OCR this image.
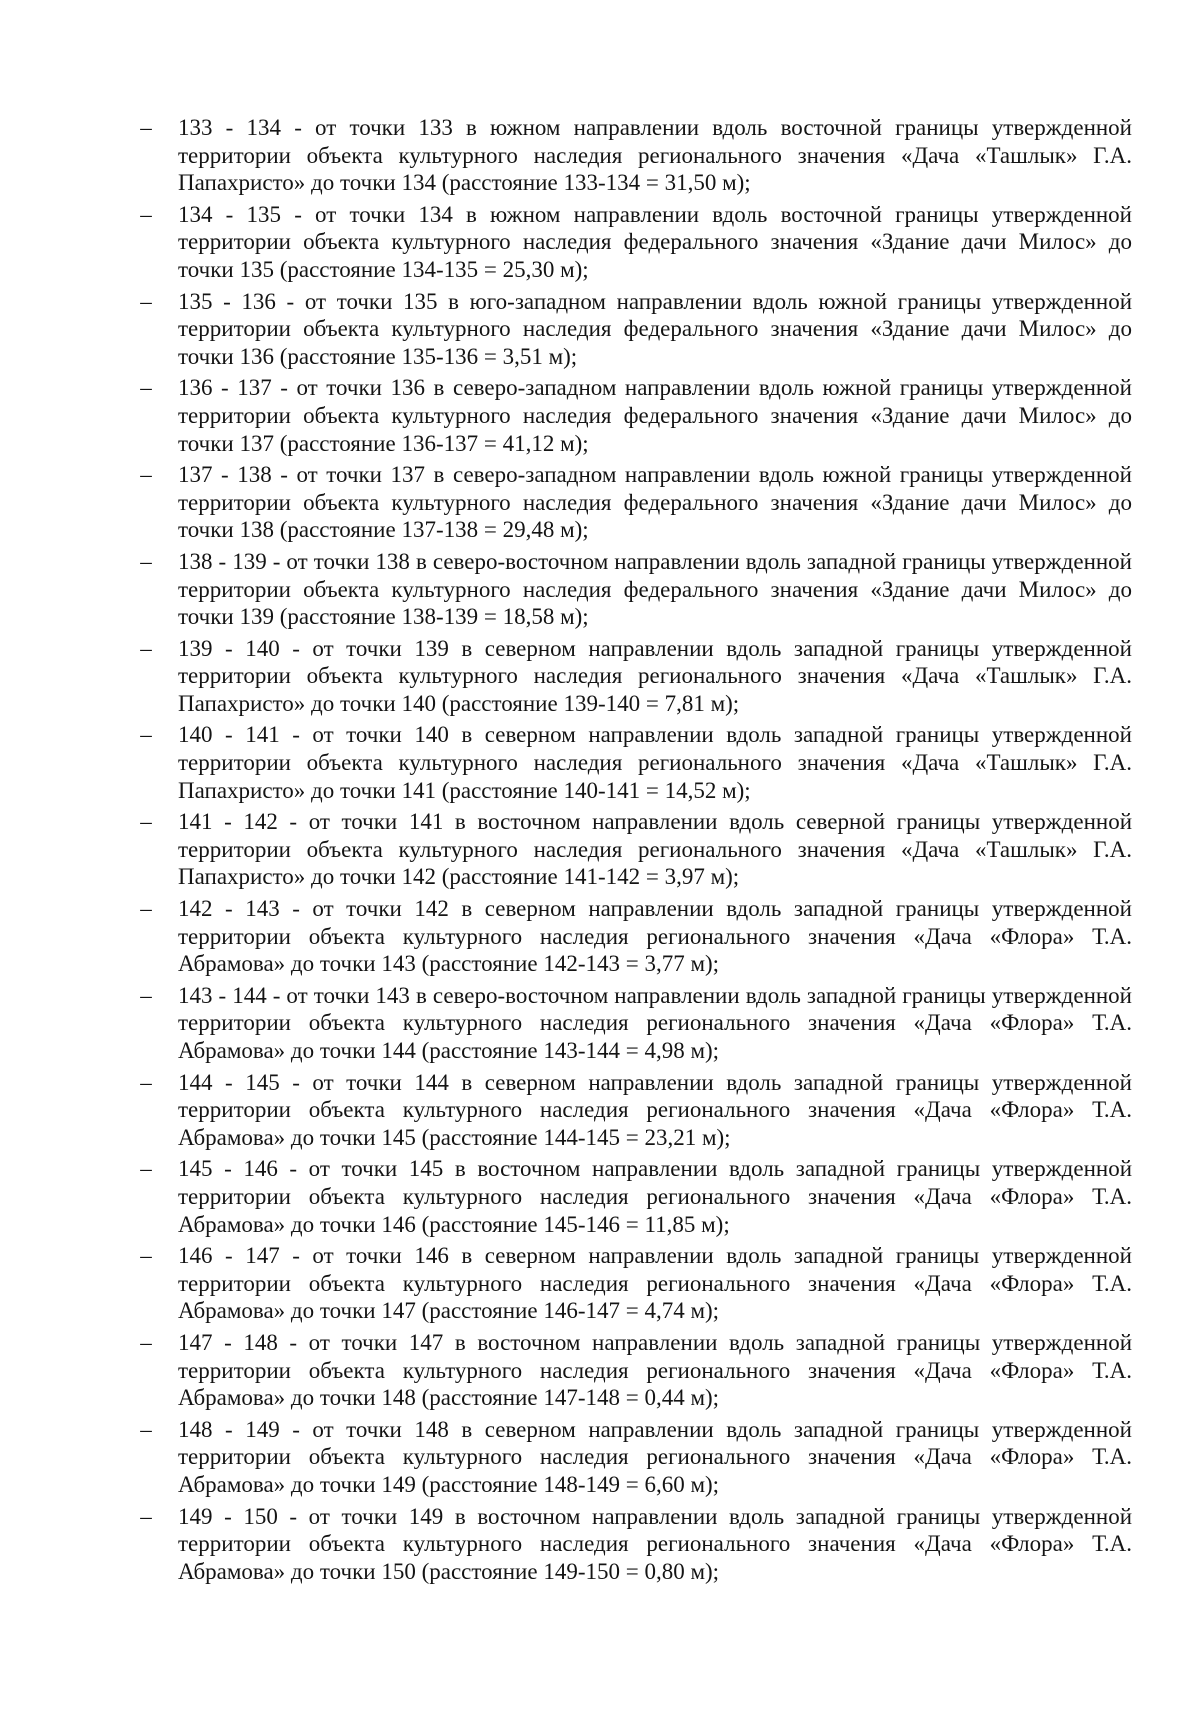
– 133 - 134 - от точки 133 в южном направлении вдоль восточной границы утвержденной территории объекта культурного наследия регионального значения «Дача «Ташлык» Г.А. Папахристо» до точки 134 (расстояние 133-134 = 31,50 м);
– 134 - 135 - от точки 134 в южном направлении вдоль восточной границы утвержденной территории объекта культурного наследия федерального значения «Здание дачи Милос» до точки 135 (расстояние 134-135 = 25,30 м);
– 135 - 136 - от точки 135 в юго-западном направлении вдоль южной границы утвержденной территории объекта культурного наследия федерального значения «Здание дачи Милос» до точки 136 (расстояние 135-136 = 3,51 м);
– 136 - 137 - от точки 136 в северо-западном направлении вдоль южной границы утвержденной территории объекта культурного наследия федерального значения «Здание дачи Милос» до точки 137 (расстояние 136-137 = 41,12 м);
– 137 - 138 - от точки 137 в северо-западном направлении вдоль южной границы утвержденной территории объекта культурного наследия федерального значения «Здание дачи Милос» до точки 138 (расстояние 137-138 = 29,48 м);
– 138 - 139 - от точки 138 в северо-восточном направлении вдоль западной границы утвержденной территории объекта культурного наследия федерального значения «Здание дачи Милос» до точки 139 (расстояние 138-139 = 18,58 м);
– 139 - 140 - от точки 139 в северном направлении вдоль западной границы утвержденной территории объекта культурного наследия регионального значения «Дача «Ташлык» Г.А. Папахристо» до точки 140 (расстояние 139-140 = 7,81 м);
– 140 - 141 - от точки 140 в северном направлении вдоль западной границы утвержденной территории объекта культурного наследия регионального значения «Дача «Ташлык» Г.А. Папахристо» до точки 141 (расстояние 140-141 = 14,52 м);
– 141 - 142 - от точки 141 в восточном направлении вдоль северной границы утвержденной территории объекта культурного наследия регионального значения «Дача «Ташлык» Г.А. Папахристо» до точки 142 (расстояние 141-142 = 3,97 м);
– 142 - 143 - от точки 142 в северном направлении вдоль западной границы утвержденной территории объекта культурного наследия регионального значения «Дача «Флора» Т.А. Абрамова» до точки 143 (расстояние 142-143 = 3,77 м);
– 143 - 144 - от точки 143 в северо-восточном направлении вдоль западной границы утвержденной территории объекта культурного наследия регионального значения «Дача «Флора» Т.А. Абрамова» до точки 144 (расстояние 143-144 = 4,98 м);
– 144 - 145 - от точки 144 в северном направлении вдоль западной границы утвержденной территории объекта культурного наследия регионального значения «Дача «Флора» Т.А. Абрамова» до точки 145 (расстояние 144-145 = 23,21 м);
– 145 - 146 - от точки 145 в восточном направлении вдоль западной границы утвержденной территории объекта культурного наследия регионального значения «Дача «Флора» Т.А. Абрамова» до точки 146 (расстояние 145-146 = 11,85 м);
– 146 - 147 - от точки 146 в северном направлении вдоль западной границы утвержденной территории объекта культурного наследия регионального значения «Дача «Флора» Т.А. Абрамова» до точки 147 (расстояние 146-147 = 4,74 м);
– 147 - 148 - от точки 147 в восточном направлении вдоль западной границы утвержденной территории объекта культурного наследия регионального значения «Дача «Флора» Т.А. Абрамова» до точки 148 (расстояние 147-148 = 0,44 м);
– 148 - 149 - от точки 148 в северном направлении вдоль западной границы утвержденной территории объекта культурного наследия регионального значения «Дача «Флора» Т.А. Абрамова» до точки 149 (расстояние 148-149 = 6,60 м);
– 149 - 150 - от точки 149 в восточном направлении вдоль западной границы утвержденной территории объекта культурного наследия регионального значения «Дача «Флора» Т.А. Абрамова» до точки 150 (расстояние 149-150 = 0,80 м);
